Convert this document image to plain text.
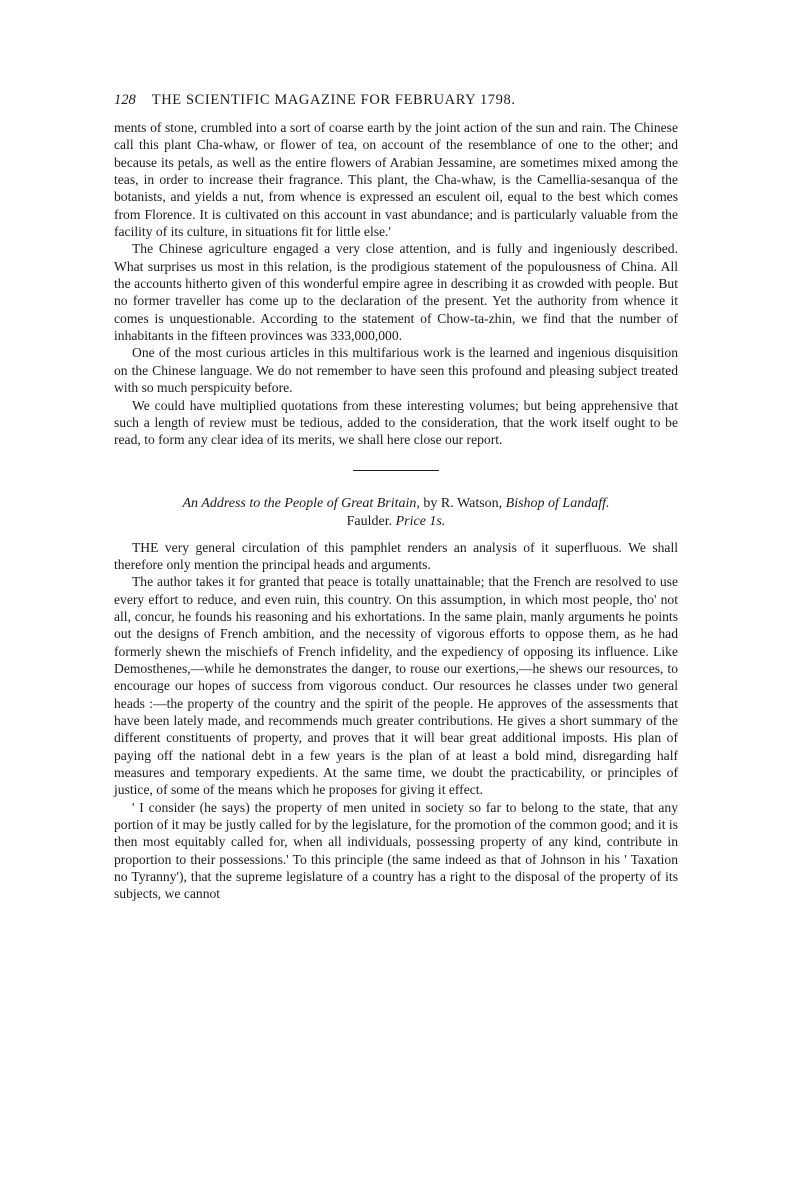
128 THE SCIENTIFIC MAGAZINE FOR FEBRUARY 1798.

ments of stone, crumbled into a sort of coarse earth by the joint action of the sun and rain. The Chinese call this plant Cha-whaw, or flower of tea, on account of the resemblance of one to the other; and because its petals, as well as the entire flowers of Arabian Jessamine, are sometimes mixed among the teas, in order to increase their fragrance. This plant, the Cha-whaw, is the Camellia-sesanqua of the botanists, and yields a nut, from whence is expressed an esculent oil, equal to the best which comes from Florence. It is cultivated on this account in vast abundance; and is particularly valuable from the facility of its culture, in situations fit for little else.'

The Chinese agriculture engaged a very close attention, and is fully and ingeniously described. What surprises us most in this relation, is the prodigious statement of the populousness of China. All the accounts hitherto given of this wonderful empire agree in describing it as crowded with people. But no former traveller has come up to the declaration of the present. Yet the authority from whence it comes is unquestionable. According to the statement of Chow-ta-zhin, we find that the number of inhabitants in the fifteen provinces was 333,000,000.

One of the most curious articles in this multifarious work is the learned and ingenious disquisition on the Chinese language. We do not remember to have seen this profound and pleasing subject treated with so much perspicuity before.

We could have multiplied quotations from these interesting volumes; but being apprehensive that such a length of review must be tedious, added to the consideration, that the work itself ought to be read, to form any clear idea of its merits, we shall here close our report.

An Address to the People of Great Britain, by R. Watson, Bishop of Landaff.
Faulder. Price 1s.

THE very general circulation of this pamphlet renders an analysis of it superfluous. We shall therefore only mention the principal heads and arguments.

The author takes it for granted that peace is totally unattainable; that the French are resolved to use every effort to reduce, and even ruin, this country. On this assumption, in which most people, tho' not all, concur, he founds his reasoning and his exhortations. In the same plain, manly arguments he points out the designs of French ambition, and the necessity of vigorous efforts to oppose them, as he had formerly shewn the mischiefs of French infidelity, and the expediency of opposing its influence. Like Demosthenes,—while he demonstrates the danger, to rouse our exertions,—he shews our resources, to encourage our hopes of success from vigorous conduct. Our resources he classes under two general heads :—the property of the country and the spirit of the people. He approves of the assessments that have been lately made, and recommends much greater contributions. He gives a short summary of the different constituents of property, and proves that it will bear great additional imposts. His plan of paying off the national debt in a few years is the plan of at least a bold mind, disregarding half measures and temporary expedients. At the same time, we doubt the practicability, or principles of justice, of some of the means which he proposes for giving it effect.

' I consider (he says) the property of men united in society so far to belong to the state, that any portion of it may be justly called for by the legislature, for the promotion of the common good; and it is then most equitably called for, when all individuals, possessing property of any kind, contribute in proportion to their possessions.' To this principle (the same indeed as that of Johnson in his ' Taxation no Tyranny'), that the supreme legislature of a country has a right to the disposal of the property of its subjects, we cannot
